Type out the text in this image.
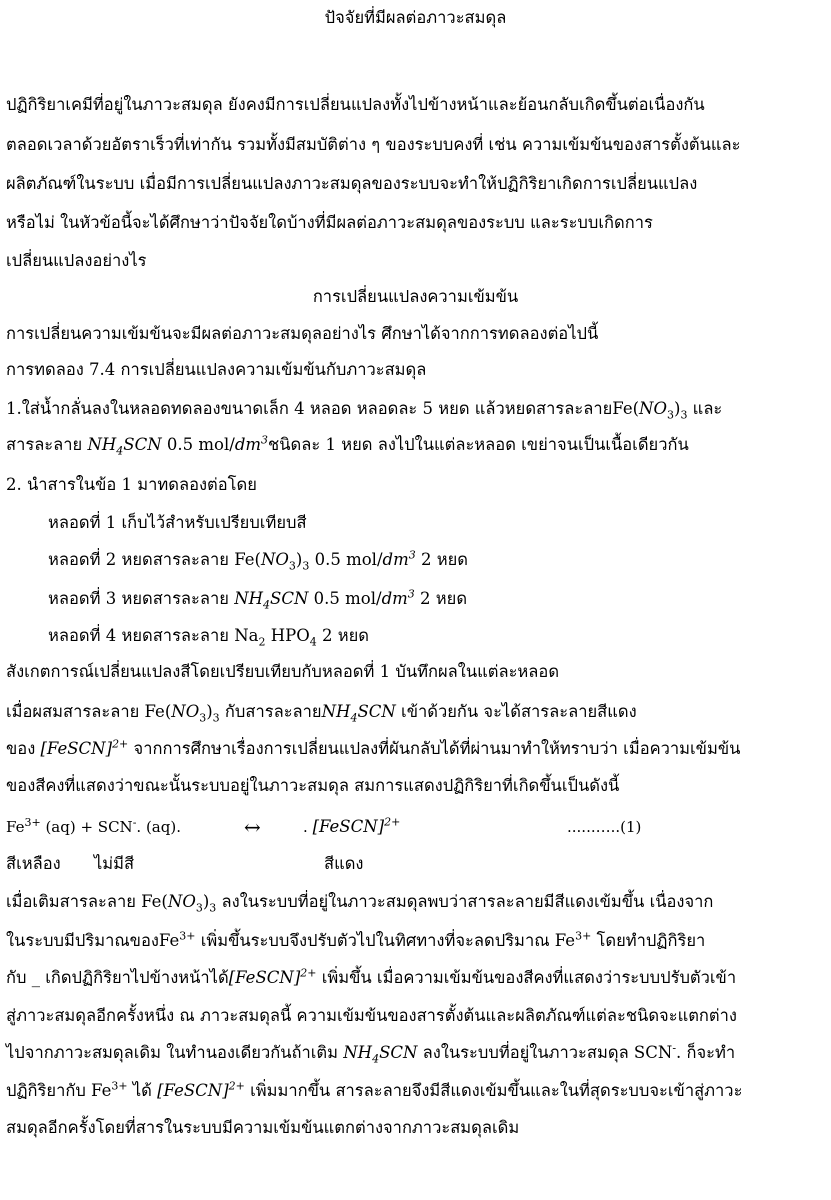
ปัจจัยที่มีผลต่อภาวะสมดุล
ปฏิกิริยาเคมีที่อยู่ในภาวะสมดุล ยังคงมีการเปลี่ยนแปลงทั้งไปข้างหน้าและย้อนกลับเกิดขึ้นต่อเนื่องกัน
ตลอดเวลาด้วยอัตราเร็วที่เท่ากัน รวมทั้งมีสมบัติต่าง ๆ ของระบบคงที่ เช่น ความเข้มข้นของสารตั้งต้นและ
ผลิตภัณฑ์ในระบบ เมื่อมีการเปลี่ยนแปลงภาวะสมดุลของระบบจะทำให้ปฏิกิริยาเกิดการเปลี่ยนแปลง
หรือไม่ ในหัวข้อนี้จะได้ศึกษาว่าปัจจัยใดบ้างที่มีผลต่อภาวะสมดุลของระบบ และระบบเกิดการ
เปลี่ยนแปลงอย่างไร
การเปลี่ยนแปลงความเข้มข้น
การเปลี่ยนความเข้มข้นจะมีผลต่อภาวะสมดุลอย่างไร ศึกษาได้จากการทดลองต่อไปนี้
การทดลอง 7.4 การเปลี่ยนแปลงความเข้มข้นกับภาวะสมดุล
1.ใส่น้ำกลั่นลงในหลอดทดลองขนาดเล็ก 4 หลอด หลอดละ 5 หยด แล้วหยดสารละลาย$Fe(NO_3)_3$ และ
สารละลาย $NH_4SCN$ 0.5 mol/$dm^3$ชนิดละ 1 หยด ลงไปในแต่ละหลอด เขย่าจนเป็นเนื้อเดียวกัน
2. นำสารในข้อ 1 มาทดลองต่อโดย
หลอดที่ 1 เก็บไว้สำหรับเปรียบเทียบสี
หลอดที่ 2 หยดสารละลาย $Fe(NO_3)_3$ 0.5 mol/$dm^3$ 2 หยด
หลอดที่ 3 หยดสารละลาย $NH_4SCN$ 0.5 mol/$dm^3$ 2 หยด
หลอดที่ 4 หยดสารละลาย $Na_2$ $HPO_4$ 2 หยด
สังเกตการณ์เปลี่ยนแปลงสีโดยเปรียบเทียบกับหลอดที่ 1 บันทึกผลในแต่ละหลอด
เมื่อผสมสารละลาย $Fe(NO_3)_3$ กับสารละลาย$NH_4SCN$ เข้าด้วยกัน จะได้สารละลายสีแดง
ของ [FeSCN]$^{2+}$ จากการศึกษาเรื่องการเปลี่ยนแปลงที่ผันกลับได้ที่ผ่านมาทำให้ทราบว่า เมื่อความเข้มข้น
ของสีคงที่แสดงว่าขณะนั้นระบบอยู่ในภาวะสมดุล สมการแสดงปฏิกิริยาที่เกิดขึ้นเป็นดังนี้
$Fe^{3+}$ (aq) + SCN-. (aq).	↔	. [FeSCN]$^{2+}$	......…..(1)
สีเหลือง ไม่มีสี	สีแดง
เมื่อเติมสารละลาย $Fe(NO_3)_3$ ลงในระบบที่อยู่ในภาวะสมดุลพบว่าสารละลายมีสีแดงเข้มขึ้น เนื่องจาก
ในระบบมีปริมาณของ$Fe^{3+}$ เพิ่มขึ้นระบบจึงปรับตัวไปในทิศทางที่จะลดปริมาณ $Fe^{3+}$ โดยทำปฏิกิริยา
กับ _ เกิดปฏิกิริยาไปข้างหน้าได้[FeSCN]$^{2+}$ เพิ่มขึ้น เมื่อความเข้มข้นของสีคงที่แสดงว่าระบบปรับตัวเข้า
สู่ภาวะสมดุลอีกครั้งหนึ่ง ณ ภาวะสมดุลนี้ ความเข้มข้นของสารตั้งต้นและผลิตภัณฑ์แต่ละชนิดจะแตกต่าง
ไปจากภาวะสมดุลเดิม ในทำนองเดียวกันถ้าเติม $NH_4SCN$ ลงในระบบที่อยู่ในภาวะสมดุล SCN-. ก็จะทำ
ปฏิกิริยากับ $Fe^{3+}$ ได้ [FeSCN]$^{2+}$ เพิ่มมากขึ้น สารละลายจึงมีสีแดงเข้มขึ้นและในที่สุดระบบจะเข้าสู่ภาวะ
สมดุลอีกครั้งโดยที่สารในระบบมีความเข้มข้นแตกต่างจากภาวะสมดุลเดิม
